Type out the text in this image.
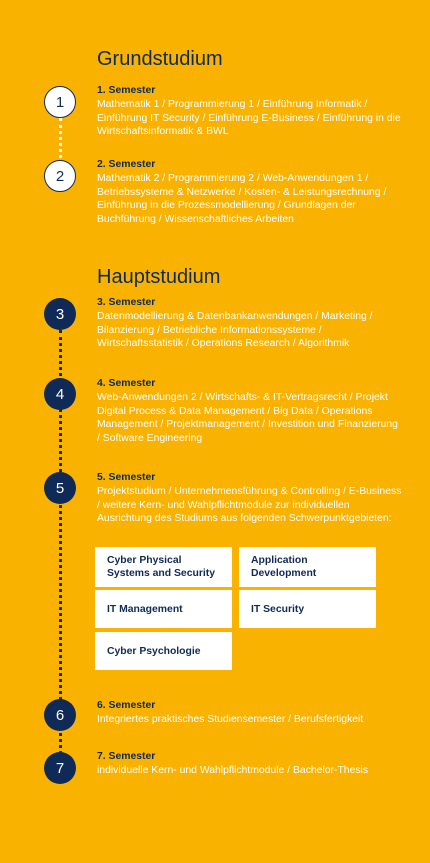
Grundstudium
Hauptstudium
1
2
3
4
5
6
7
1. Semester
Mathematik 1 / Programmierung 1 / Einführung Informatik / Einführung IT Security / Einführung E-Business / Einführung in die Wirtschaftsinformatik & BWL
2. Semester
Mathematik 2 / Programmierung 2 / Web-Anwendungen 1 / Betriebssysteme & Netzwerke / Kosten- & Leistungsrechnung / Einführung in die Prozessmodellierung / Grundlagen der Buchführung / Wissenschaftliches Arbeiten
3. Semester
Datenmodellierung & Datenbankanwendungen / Marketing / Bilanzierung / Betriebliche Informationssysteme / Wirtschaftsstatistik / Operations Research / Algorithmik
4. Semester
Web-Anwendungen 2 / Wirtschafts- & IT-Vertragsrecht / Projekt Digital Process & Data Management / Big Data / Operations Management / Projektmanagement / Investition und Finanzierung / Software Engineering
5. Semester
Projektstudium / Unternehmensführung & Controlling / E-Business / weitere Kern- und Wahlpflichtmodule zur individuellen Ausrichtung des Studiums aus folgenden Schwerpunktgebieten:
6. Semester
Integriertes praktisches Studiensemester / Berufsfertigkeit
7. Semester
individuelle Kern- und Wahlpflichtmodule / Bachelor-Thesis
Cyber Physical Systems and Security
Application Development
IT Management	IT Security
Cyber Psychologie
